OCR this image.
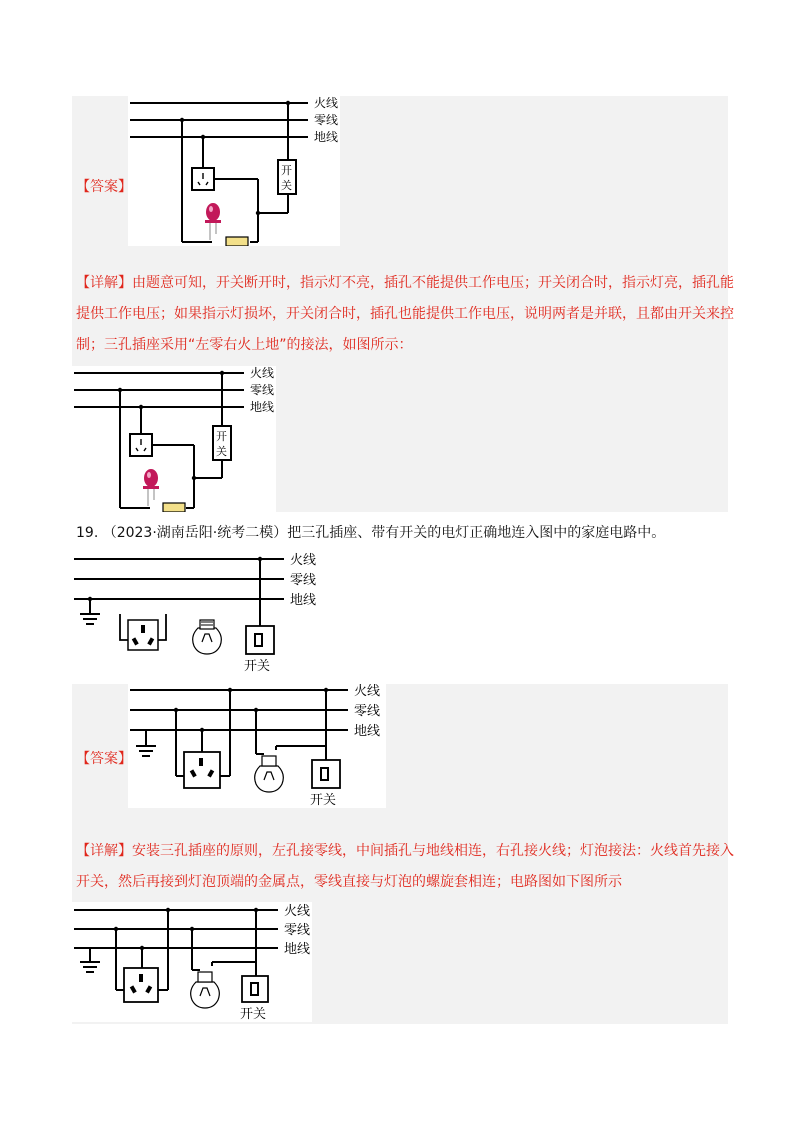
【答案】
火线
零线
地线
开
关
【详解】由题意可知，开关断开时，指示灯不亮，插孔不能提供工作电压；开关闭合时，指示灯亮，插孔能提供工作电压；如果指示灯损坏，开关闭合时，插孔也能提供工作电压，说明两者是并联，且都由开关来控制；三孔插座采用“左零右火上地”的接法，如图所示：
火线
零线
地线
开
关
19. （2023·湖南岳阳·统考二模）把三孔插座、带有开关的电灯正确地连入图中的家庭电路中。
火线
零线
地线
开关
【答案】
火线
零线
地线
开关
【详解】安装三孔插座的原则，左孔接零线，中间插孔与地线相连，右孔接火线；灯泡接法：火线首先接入开关，然后再接到灯泡顶端的金属点，零线直接与灯泡的螺旋套相连；电路图如下图所示
火线
零线
地线
开关
